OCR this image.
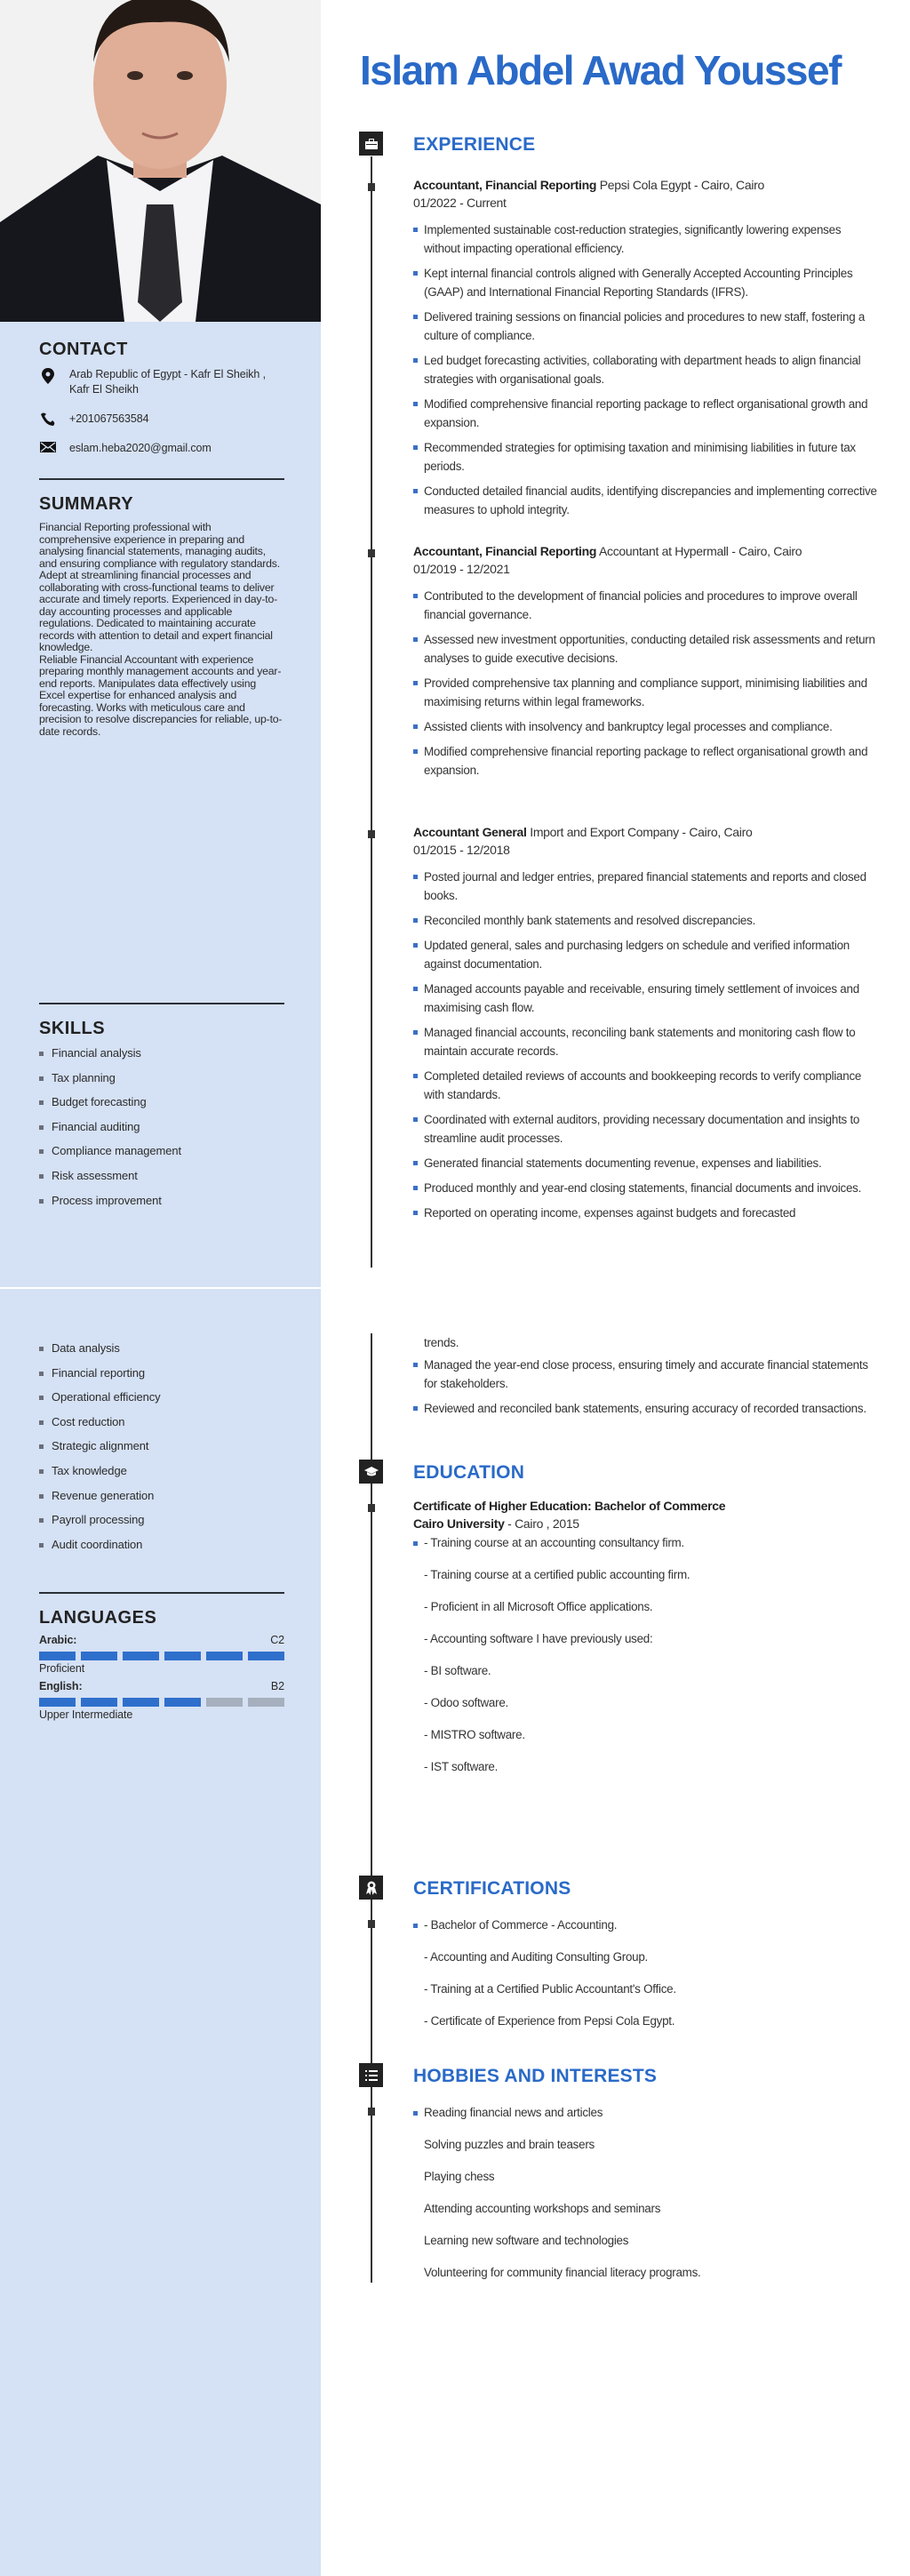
CONTACT
Arab Republic of Egypt - Kafr El Sheikh , Kafr El Sheikh
+201067563584
eslam.heba2020@gmail.com
SUMMARY

Financial Reporting professional with comprehensive experience in preparing and analysing financial statements, managing audits, and ensuring compliance with regulatory standards. Adept at streamlining financial processes and collaborating with cross-functional teams to deliver accurate and timely reports. Experienced in day-to-day accounting processes and applicable regulations. Dedicated to maintaining accurate records with attention to detail and expert financial knowledge.

Reliable Financial Accountant with experience preparing monthly management accounts and year-end reports. Manipulates data effectively using Excel expertise for enhanced analysis and forecasting. Works with meticulous care and precision to resolve discrepancies for reliable, up-to-date records.

SKILLS
Financial analysis
Tax planning
Budget forecasting
Financial auditing
Compliance management
Risk assessment
Process improvement
Data analysis
Financial reporting
Operational efficiency
Cost reduction
Strategic alignment
Tax knowledge
Revenue generation
Payroll processing
Audit coordination
LANGUAGES
Arabic:	C2
Proficient
English:	B2
Upper Intermediate
Islam Abdel Awad Youssef
EXPERIENCE
Accountant, Financial Reporting Pepsi Cola Egypt - Cairo, Cairo
01/2022 - Current
Implemented sustainable cost-reduction strategies, significantly lowering expenses without impacting operational efficiency.
Kept internal financial controls aligned with Generally Accepted Accounting Principles (GAAP) and International Financial Reporting Standards (IFRS).
Delivered training sessions on financial policies and procedures to new staff, fostering a culture of compliance.
Led budget forecasting activities, collaborating with department heads to align financial strategies with organisational goals.
Modified comprehensive financial reporting package to reflect organisational growth and expansion.
Recommended strategies for optimising taxation and minimising liabilities in future tax periods.
Conducted detailed financial audits, identifying discrepancies and implementing corrective measures to uphold integrity.
Accountant, Financial Reporting Accountant at Hypermall - Cairo, Cairo
01/2019 - 12/2021
Contributed to the development of financial policies and procedures to improve overall financial governance.
Assessed new investment opportunities, conducting detailed risk assessments and return analyses to guide executive decisions.
Provided comprehensive tax planning and compliance support, minimising liabilities and maximising returns within legal frameworks.
Assisted clients with insolvency and bankruptcy legal processes and compliance.
Modified comprehensive financial reporting package to reflect organisational growth and expansion.
Accountant General Import and Export Company - Cairo, Cairo
01/2015 - 12/2018
Posted journal and ledger entries, prepared financial statements and reports and closed books.
Reconciled monthly bank statements and resolved discrepancies.
Updated general, sales and purchasing ledgers on schedule and verified information against documentation.
Managed accounts payable and receivable, ensuring timely settlement of invoices and maximising cash flow.
Managed financial accounts, reconciling bank statements and monitoring cash flow to maintain accurate records.
Completed detailed reviews of accounts and bookkeeping records to verify compliance with standards.
Coordinated with external auditors, providing necessary documentation and insights to streamline audit processes.
Generated financial statements documenting revenue, expenses and liabilities.
Produced monthly and year-end closing statements, financial documents and invoices.
Reported on operating income, expenses against budgets and forecasted
trends.
Managed the year-end close process, ensuring timely and accurate financial statements for stakeholders.
Reviewed and reconciled bank statements, ensuring accuracy of recorded transactions.
EDUCATION
Certificate of Higher Education: Bachelor of Commerce
Cairo University - Cairo , 2015
- Training course at an accounting consultancy firm.
- Training course at a certified public accounting firm.
- Proficient in all Microsoft Office applications.
- Accounting software I have previously used:
- BI software.
- Odoo software.
- MISTRO software.
- IST software.
CERTIFICATIONS
- Bachelor of Commerce - Accounting.
- Accounting and Auditing Consulting Group.
- Training at a Certified Public Accountant's Office.
- Certificate of Experience from Pepsi Cola Egypt.
HOBBIES AND INTERESTS
Reading financial news and articles
Solving puzzles and brain teasers
Playing chess
Attending accounting workshops and seminars
Learning new software and technologies
Volunteering for community financial literacy programs.
